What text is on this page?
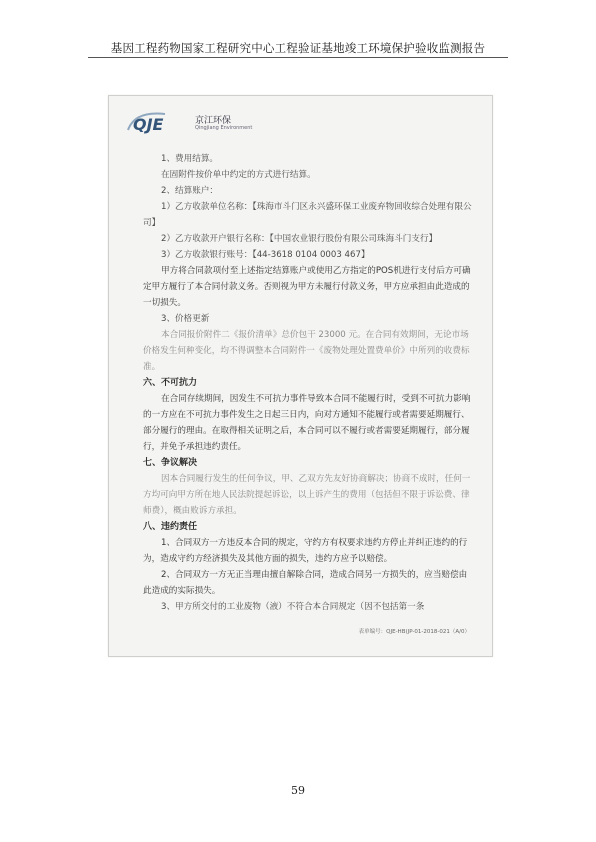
基因工程药物国家工程研究中心工程验证基地竣工环境保护验收监测报告
QJE	京江环保
Qingjiang Environment
1、费用结算。
在固附件按价单中约定的方式进行结算。
2、结算账户：
1）乙方收款单位名称：【珠海市斗门区永兴盛环保工业废弃物回收综合处理有限公司】
2）乙方收款开户银行名称：【中国农业银行股份有限公司珠海斗门支行】
3）乙方收款银行账号：【44-3618 0104 0003 467】
甲方将合同款项付至上述指定结算账户或使用乙方指定的POS机进行支付后方可确定甲方履行了本合同付款义务。否则视为甲方未履行付款义务，甲方应承担由此造成的一切损失。
3、价格更新
本合同报价附件二《报价清单》总价包干 23000 元。在合同有效期间，无论市场价格发生何种变化，均不得调整本合同附件一《废物处理处置费单价》中所列的收费标准。
六、不可抗力
在合同存续期间，因发生不可抗力事件导致本合同不能履行时，受到不可抗力影响的一方应在不可抗力事件发生之日起三日内，向对方通知不能履行或者需要延期履行、部分履行的理由。在取得相关证明之后，本合同可以不履行或者需要延期履行，部分履行，并免予承担违约责任。
七、争议解决
因本合同履行发生的任何争议，甲、乙双方先友好协商解决；协商不成时，任何一方均可向甲方所在地人民法院提起诉讼，以上诉产生的费用（包括但不限于诉讼费、律师费），概由败诉方承担。
八、违约责任
1、合同双方一方违反本合同的规定，守约方有权要求违约方停止并纠正违约的行为，造成守约方经济损失及其他方面的损失，违约方应予以赔偿。
2、合同双方一方无正当理由擅自解除合同，造成合同另一方损失的，应当赔偿由此造成的实际损失。
3、甲方所交付的工业废物（液）不符合本合同规定（因不包括第一条
表单编号：QJE-HB(JP-01-2018-021（A/0）
59
